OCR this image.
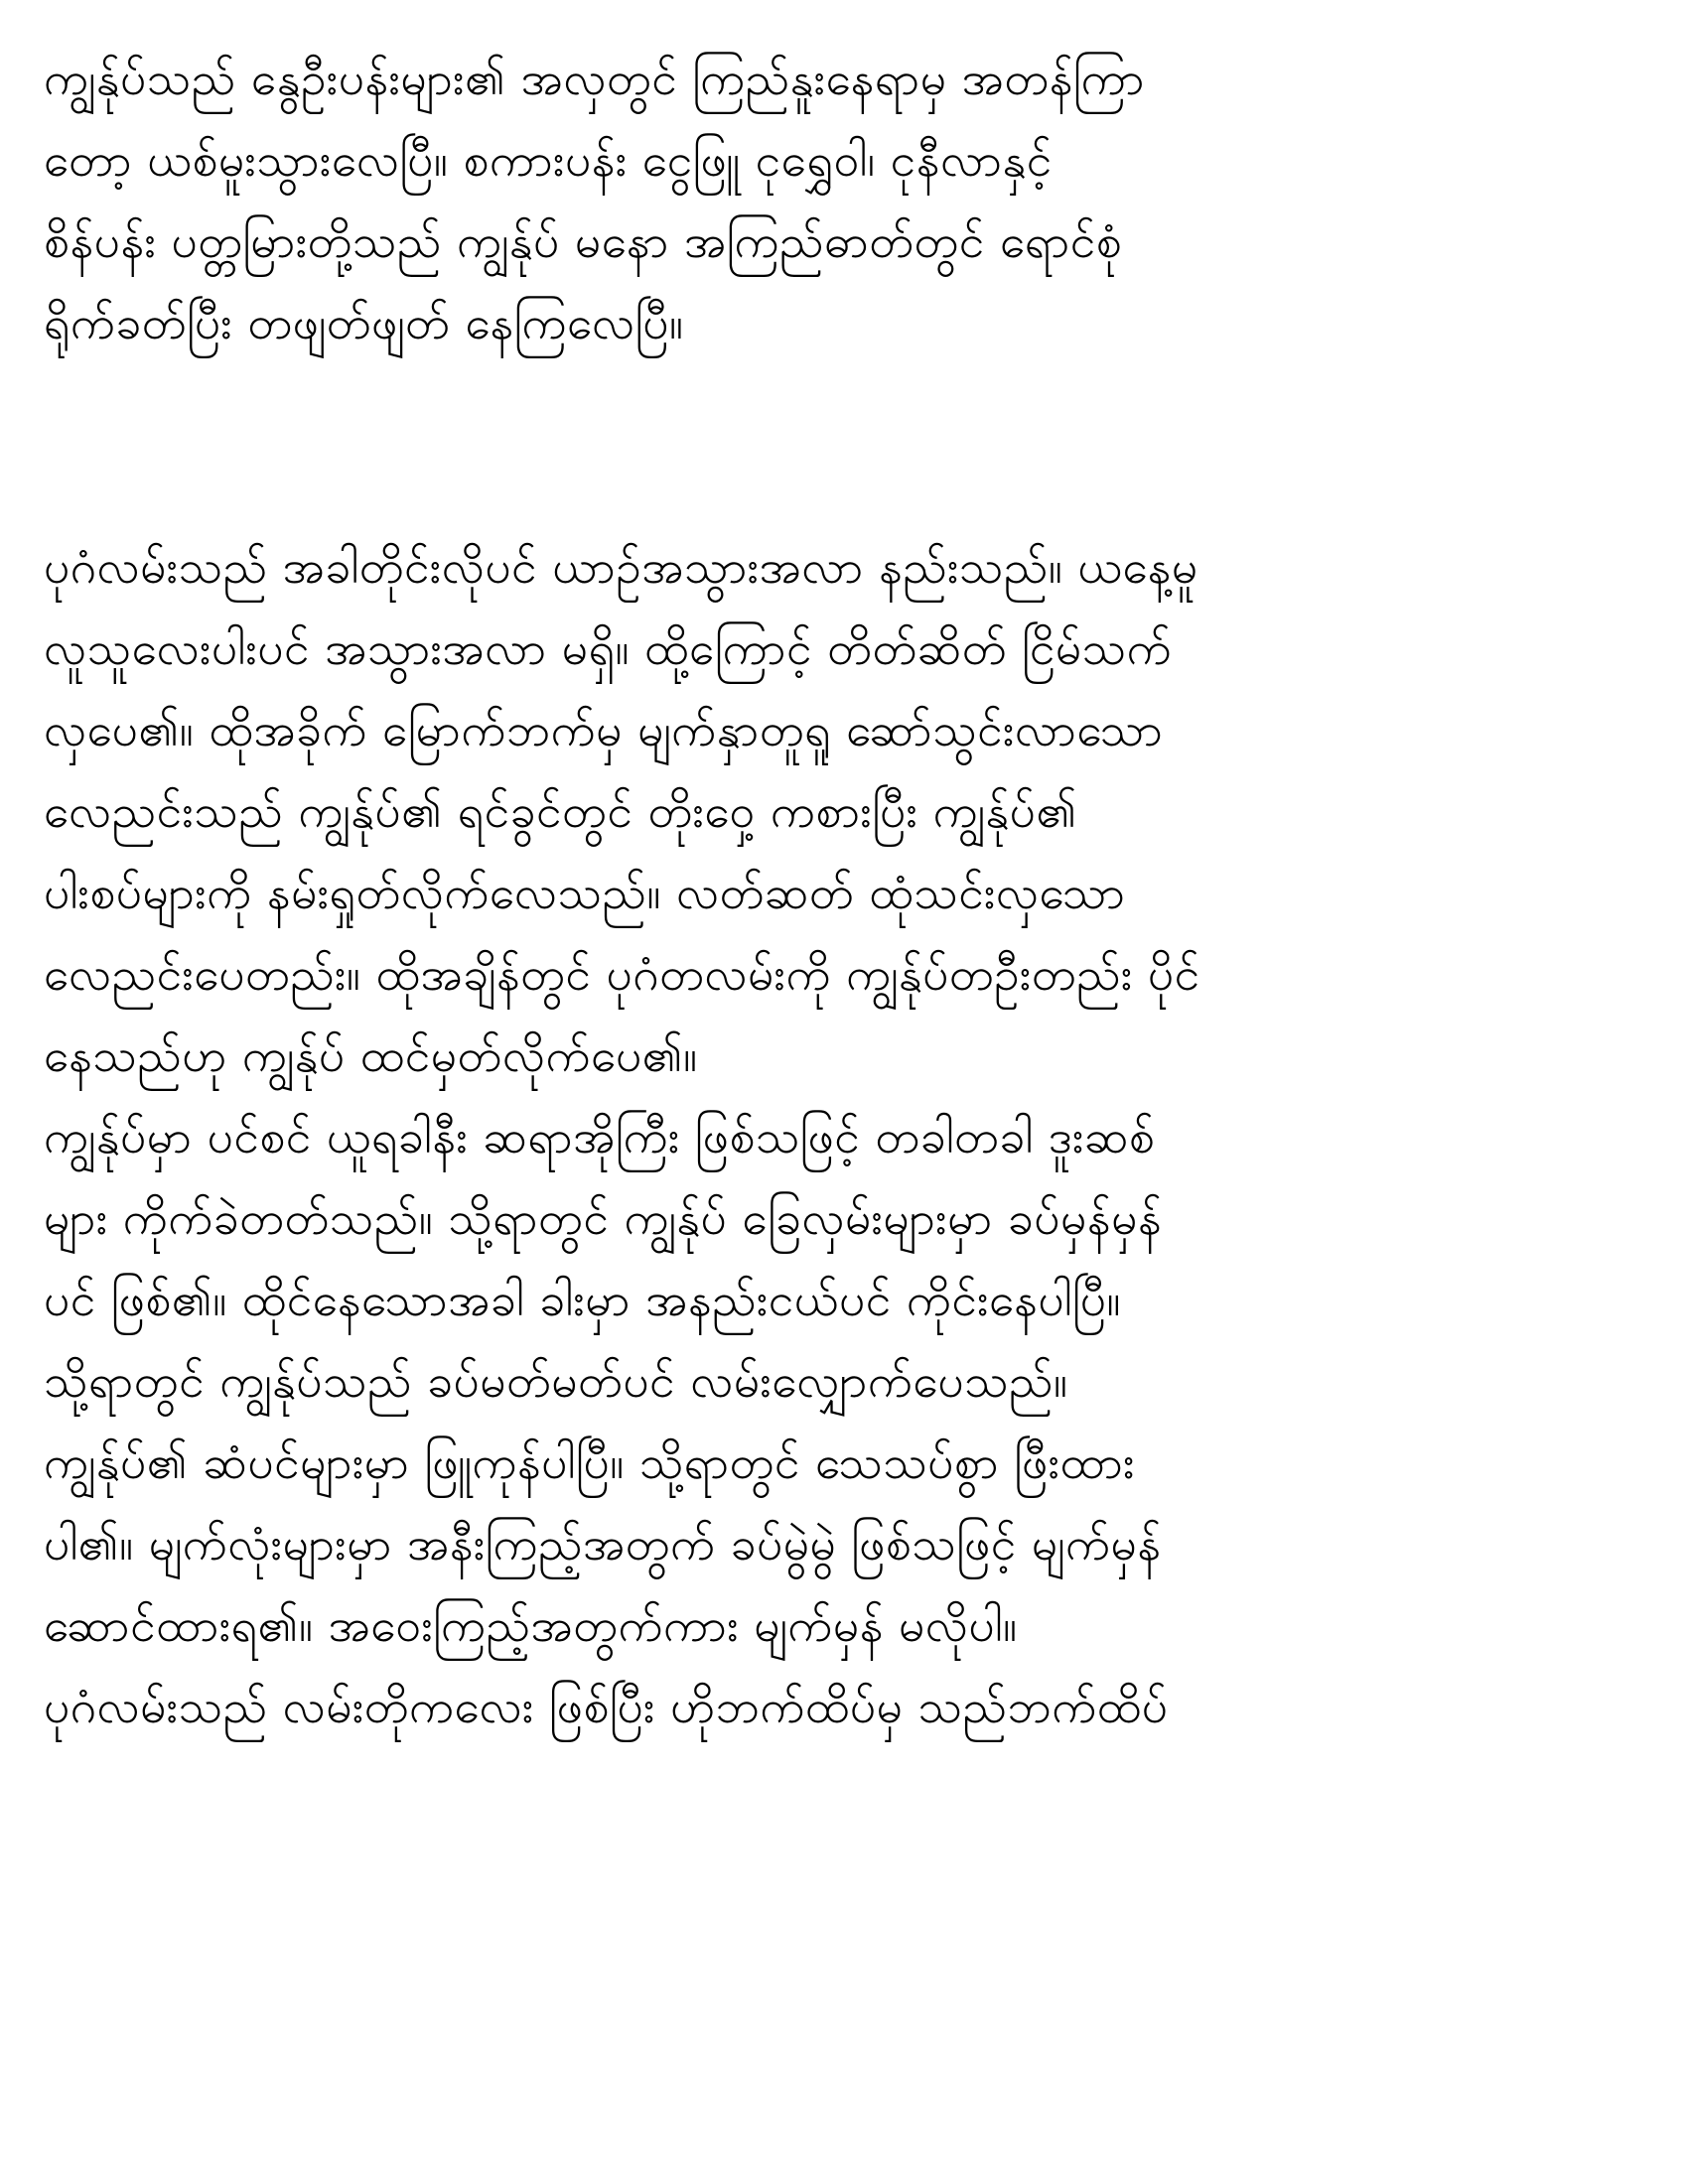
ကျွန်ုပ်သည် နွေဦးပန်းများ၏ အလှတွင် ကြည်နူးနေရာမှ အတန်ကြာ
တော့ ယစ်မူးသွားလေပြီ။ စကားပန်း ငွေဖြူ ငုရွှေဝါ၊ ငုနီလာနှင့်
စိန်ပန်း ပတ္တမြားတို့သည် ကျွန်ုပ် မနော အကြည်ဓာတ်တွင် ရောင်စုံ
ရိုက်ခတ်ပြီး တဖျတ်ဖျတ် နေကြလေပြီ။
ပုဂံလမ်းသည် အခါတိုင်းလိုပင် ယာဉ်အသွားအလာ နည်းသည်။ ယနေ့မူ
လူသူလေးပါးပင် အသွားအလာ မရှိ။ ထို့ကြောင့် တိတ်ဆိတ် ငြိမ်သက်
လှပေ၏။ ထိုအခိုက် မြောက်ဘက်မှ မျက်နှာတူရူ ဆော်သွင်းလာသော
လေညင်းသည် ကျွန်ုပ်၏ ရင်ခွင်တွင် တိုးဝှေ့ ကစားပြီး ကျွန်ုပ်၏
ပါးစပ်များကို နမ်းရှုတ်လိုက်လေသည်။ လတ်ဆတ် ထုံသင်းလှသော
လေညင်းပေတည်း။ ထိုအချိန်တွင် ပုဂံတလမ်းကို ကျွန်ုပ်တဦးတည်း ပိုင်
နေသည်ဟု ကျွန်ုပ် ထင်မှတ်လိုက်ပေ၏။
ကျွန်ုပ်မှာ ပင်စင် ယူရခါနီး ဆရာအိုကြီး ဖြစ်သဖြင့် တခါတခါ ဒူးဆစ်
များ ကိုက်ခဲတတ်သည်။ သို့ရာတွင် ကျွန်ုပ် ခြေလှမ်းများမှာ ခပ်မှန်မှန်
ပင် ဖြစ်၏။ ထိုင်နေသောအခါ ခါးမှာ အနည်းငယ်ပင် ကိုင်းနေပါပြီ။
သို့ရာတွင် ကျွန်ုပ်သည် ခပ်မတ်မတ်ပင် လမ်းလျှောက်ပေသည်။
ကျွန်ုပ်၏ ဆံပင်များမှာ ဖြူကုန်ပါပြီ။ သို့ရာတွင် သေသပ်စွာ ဖြီးထား
ပါ၏။ မျက်လုံးများမှာ အနီးကြည့်အတွက် ခပ်မွဲမွဲ ဖြစ်သဖြင့် မျက်မှန်
ဆောင်ထားရ၏။ အဝေးကြည့်အတွက်ကား မျက်မှန် မလိုပါ။
ပုဂံလမ်းသည် လမ်းတိုကလေး ဖြစ်ပြီး ဟိုဘက်ထိပ်မှ သည်ဘက်ထိပ်
